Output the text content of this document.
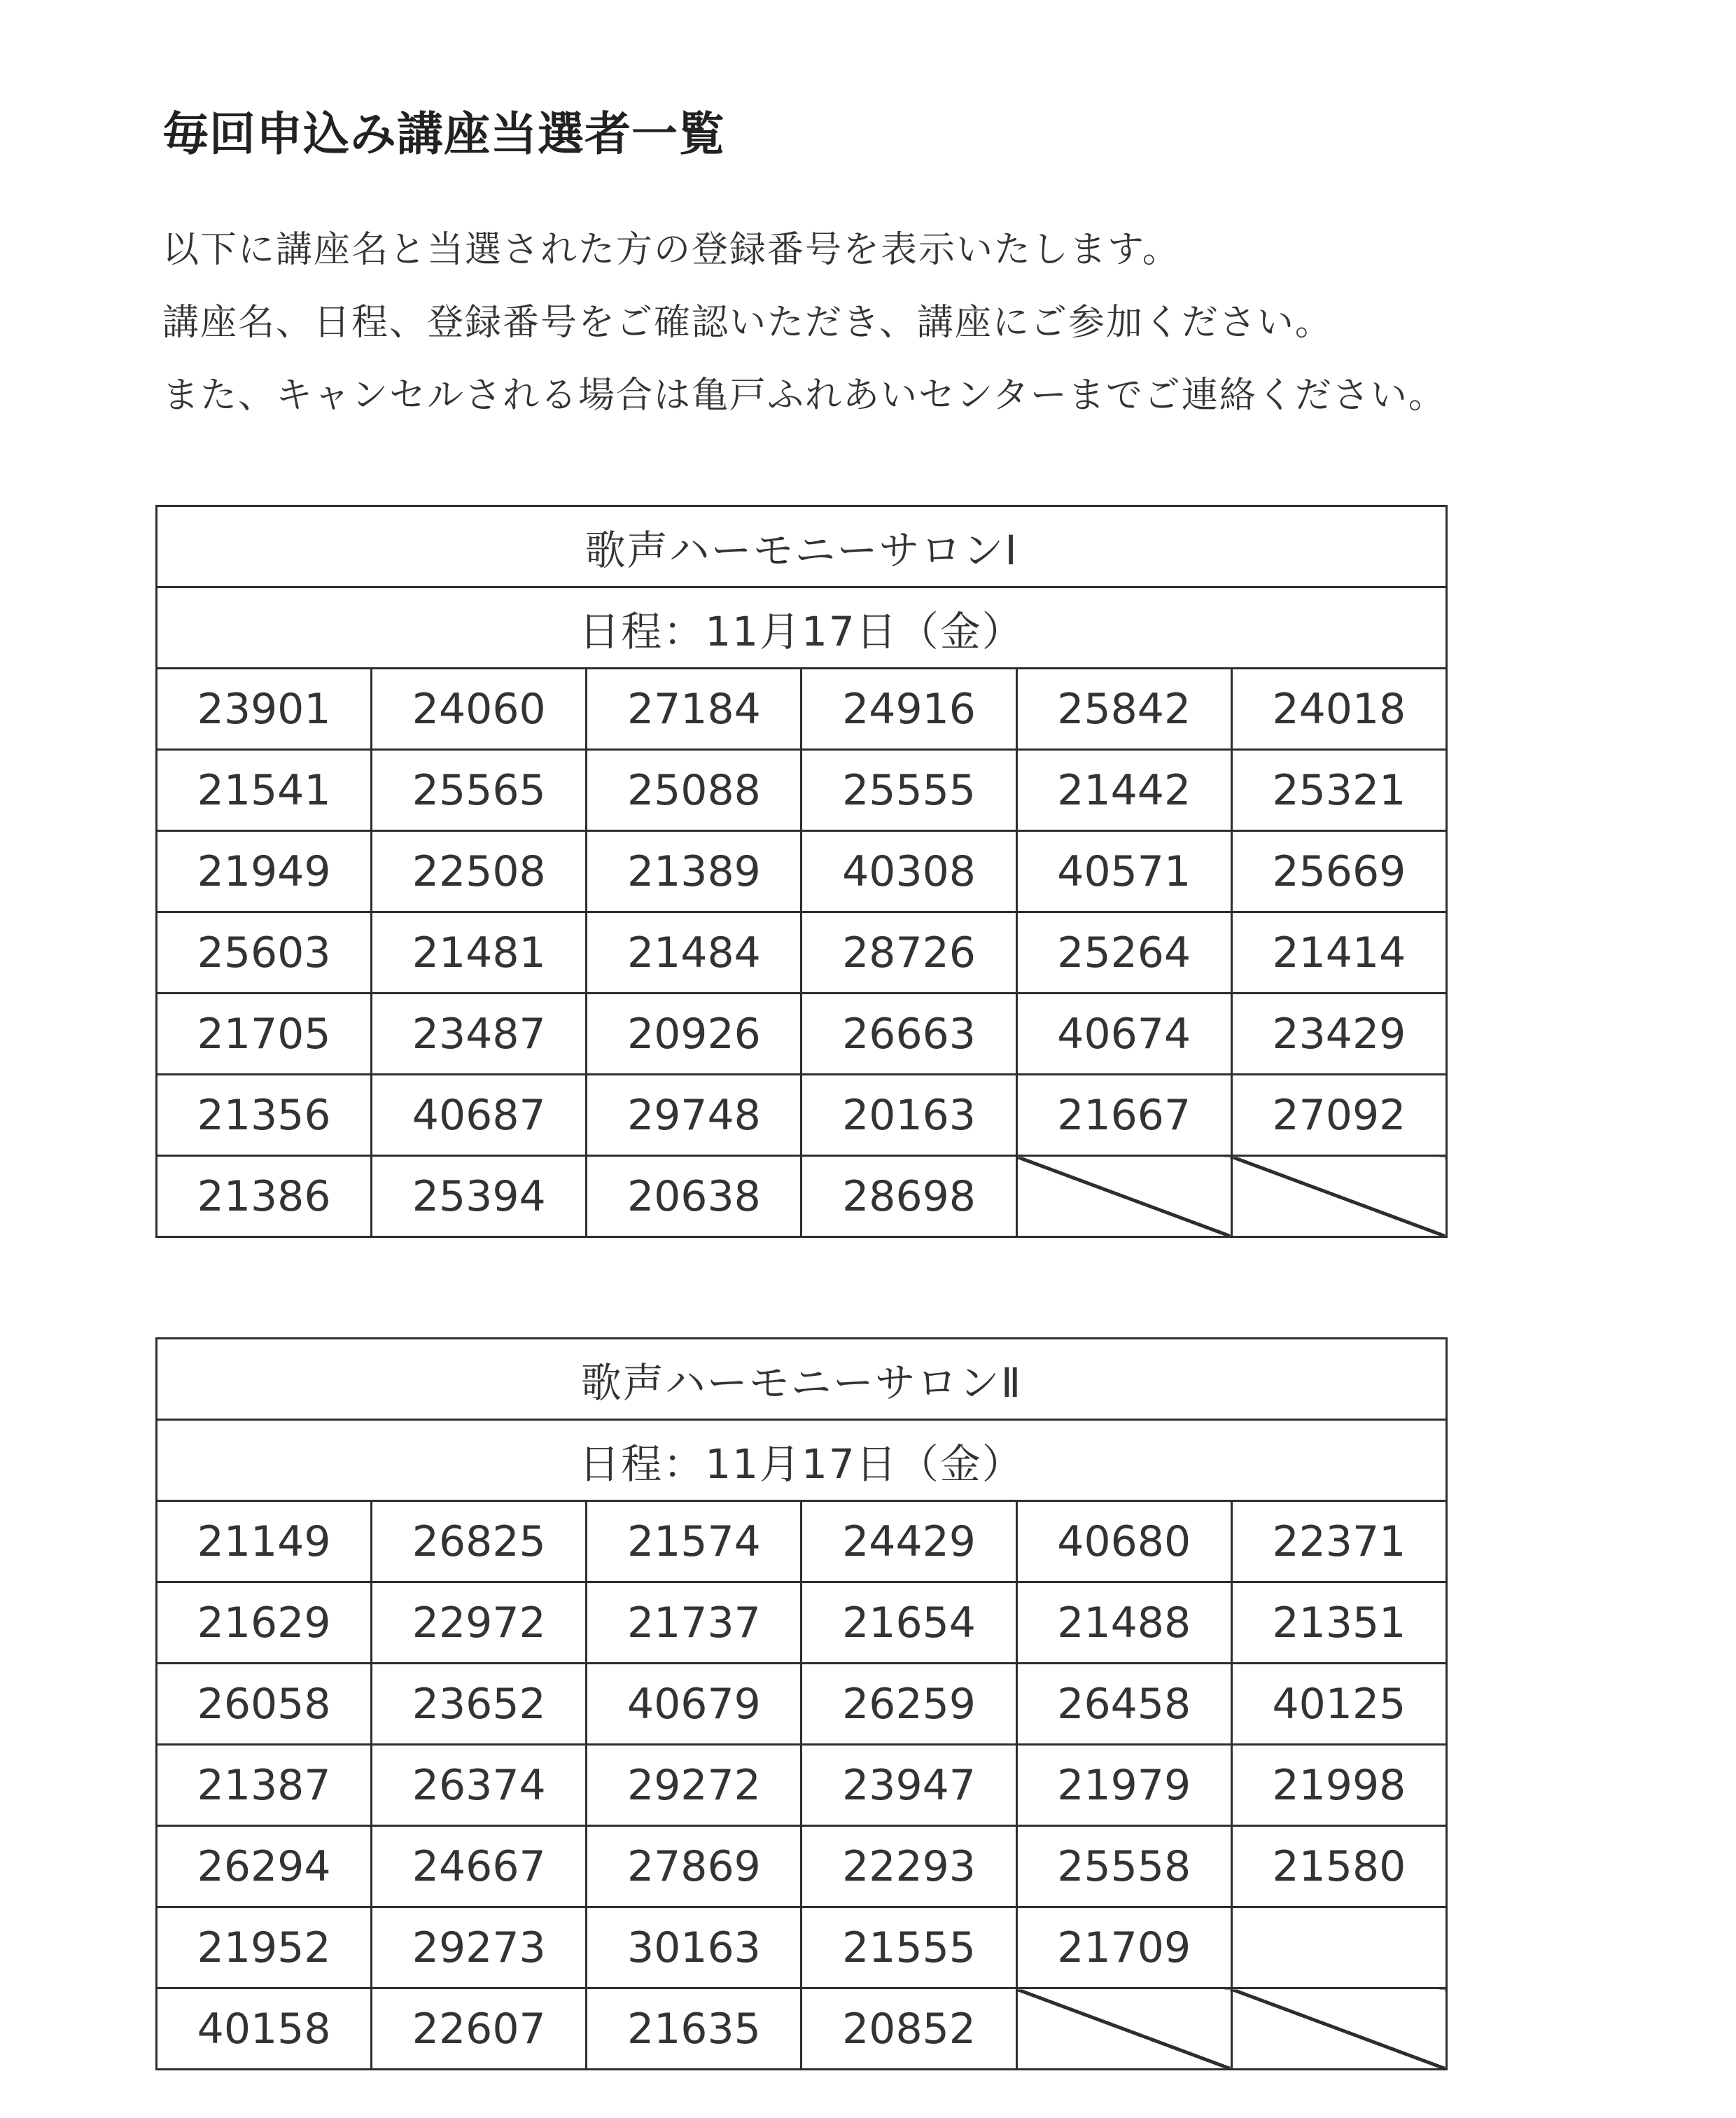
毎回申込み講座当選者一覧
以下に講座名と当選された方の登録番号を表示いたします。
講座名、日程、登録番号をご確認いただき、講座にご参加ください。
また、キャンセルされる場合は亀戸ふれあいセンターまでご連絡ください。
歌声ハーモニーサロンⅠ					
日程：11月17日（金）					
23901	24060	27184	24916	25842	24018
21541	25565	25088	25555	21442	25321
21949	22508	21389	40308	40571	25669
25603	21481	21484	28726	25264	21414
21705	23487	20926	26663	40674	23429
21356	40687	29748	20163	21667	27092
21386	25394	20638	28698		
歌声ハーモニーサロンⅡ					
日程：11月17日（金）					
21149	26825	21574	24429	40680	22371
21629	22972	21737	21654	21488	21351
26058	23652	40679	26259	26458	40125
21387	26374	29272	23947	21979	21998
26294	24667	27869	22293	25558	21580
21952	29273	30163	21555	21709	
40158	22607	21635	20852		
